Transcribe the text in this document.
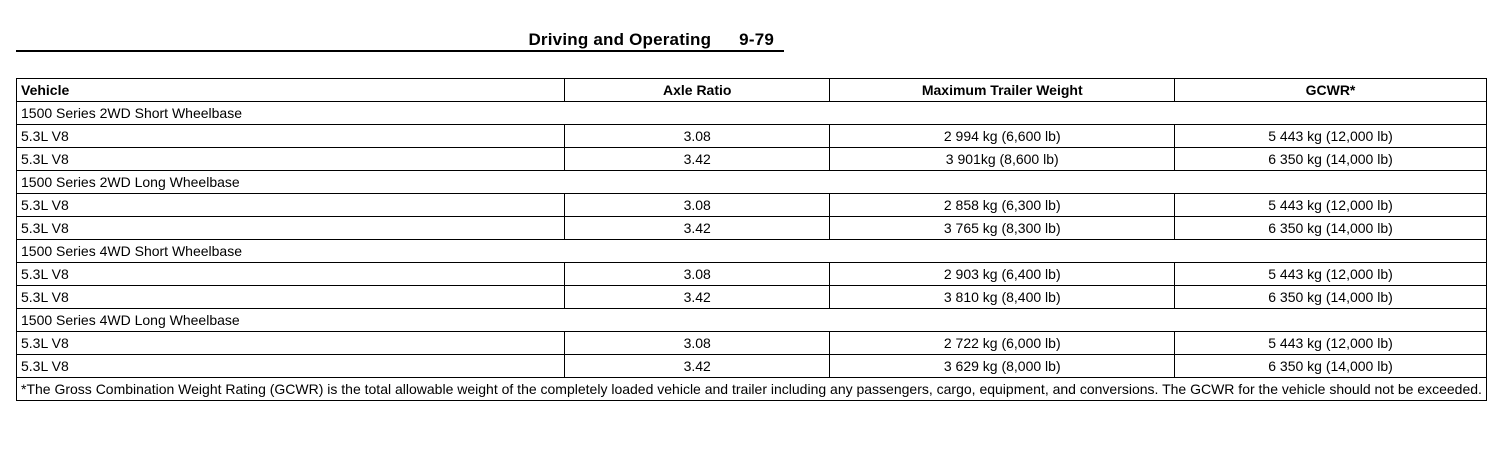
Driving and Operating 9-79
Vehicle	Axle Ratio	Maximum Trailer Weight	GCWR*
1500 Series 2WD Short Wheelbase			
5.3L V8	3.08	2 994 kg (6,600 lb)	5 443 kg (12,000 lb)
5.3L V8	3.42	3 901kg (8,600 lb)	6 350 kg (14,000 lb)
1500 Series 2WD Long Wheelbase			
5.3L V8	3.08	2 858 kg (6,300 lb)	5 443 kg (12,000 lb)
5.3L V8	3.42	3 765 kg (8,300 lb)	6 350 kg (14,000 lb)
1500 Series 4WD Short Wheelbase			
5.3L V8	3.08	2 903 kg (6,400 lb)	5 443 kg (12,000 lb)
5.3L V8	3.42	3 810 kg (8,400 lb)	6 350 kg (14,000 lb)
1500 Series 4WD Long Wheelbase			
5.3L V8	3.08	2 722 kg (6,000 lb)	5 443 kg (12,000 lb)
5.3L V8	3.42	3 629 kg (8,000 lb)	6 350 kg (14,000 lb)
*The Gross Combination Weight Rating (GCWR) is the total allowable weight of the completely loaded vehicle and trailer including any passengers, cargo, equipment, and conversions. The GCWR for the vehicle should not be exceeded.			
